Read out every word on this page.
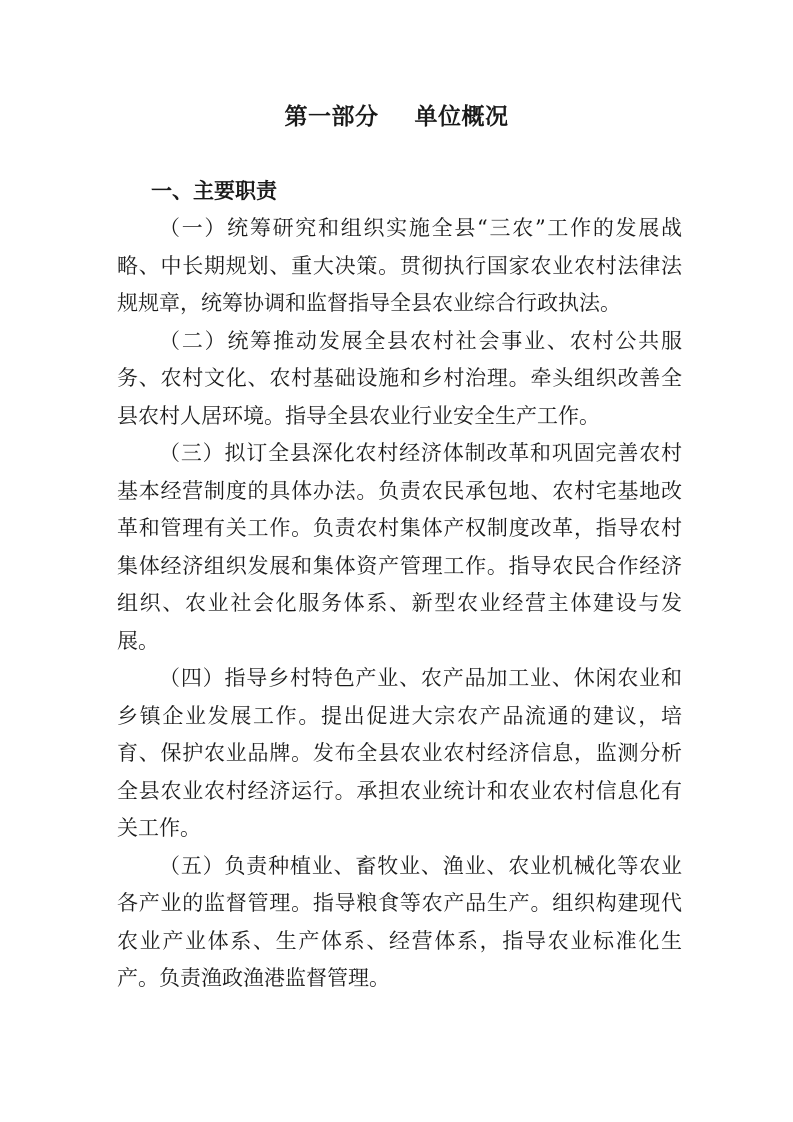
第一部分 单位概况
一、主要职责

（一）统筹研究和组织实施全县“三农”工作的发展战略、中长期规划、重大决策。贯彻执行国家农业农村法律法规规章，统筹协调和监督指导全县农业综合行政执法。

（二）统筹推动发展全县农村社会事业、农村公共服务、农村文化、农村基础设施和乡村治理。牵头组织改善全县农村人居环境。指导全县农业行业安全生产工作。

（三）拟订全县深化农村经济体制改革和巩固完善农村基本经营制度的具体办法。负责农民承包地、农村宅基地改革和管理有关工作。负责农村集体产权制度改革，指导农村集体经济组织发展和集体资产管理工作。指导农民合作经济组织、农业社会化服务体系、新型农业经营主体建设与发展。

（四）指导乡村特色产业、农产品加工业、休闲农业和乡镇企业发展工作。提出促进大宗农产品流通的建议，培育、保护农业品牌。发布全县农业农村经济信息，监测分析全县农业农村经济运行。承担农业统计和农业农村信息化有关工作。

（五）负责种植业、畜牧业、渔业、农业机械化等农业各产业的监督管理。指导粮食等农产品生产。组织构建现代农业产业体系、生产体系、经营体系，指导农业标准化生产。负责渔政渔港监督管理。
